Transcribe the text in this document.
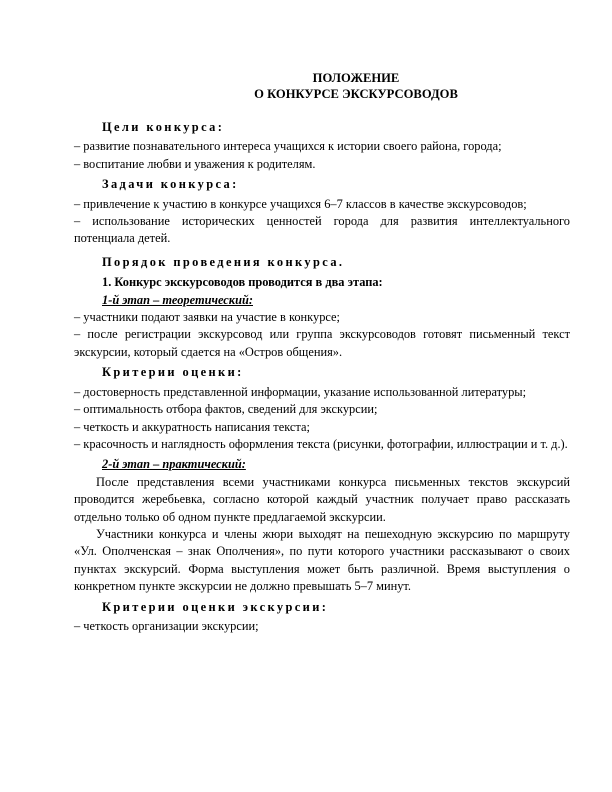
ПОЛОЖЕНИЕ
О КОНКУРСЕ ЭКСКУРСОВОДОВ
Цели конкурса:
– развитие познавательного интереса учащихся к истории своего района, города;
– воспитание любви и уважения к родителям.
Задачи конкурса:
– привлечение к участию в конкурсе учащихся 6–7 классов в качестве экскурсоводов;
– использование исторических ценностей города для развития интеллектуального потенциала детей.
Порядок проведения конкурса.
1. Конкурс экскурсоводов проводится в два этапа:
1-й этап – теоретический:
– участники подают заявки на участие в конкурсе;
– после регистрации экскурсовод или группа экскурсоводов готовят письменный текст экскурсии, который сдается на «Остров общения».
Критерии оценки:
– достоверность представленной информации, указание использованной литературы;
– оптимальность отбора фактов, сведений для экскурсии;
– четкость и аккуратность написания текста;
– красочность и наглядность оформления текста (рисунки, фотографии, иллюстрации и т. д.).
2-й этап – практический:
После представления всеми участниками конкурса письменных текстов экскурсий проводится жеребьевка, согласно которой каждый участник получает право рассказать отдельно только об одном пункте предлагаемой экскурсии.
Участники конкурса и члены жюри выходят на пешеходную экскурсию по маршруту «Ул. Ополченская – знак Ополчения», по пути которого участники рассказывают о своих пунктах экскурсий. Форма выступления может быть различной. Время выступления о конкретном пункте экскурсии не должно превышать 5–7 минут.
Критерии оценки экскурсии:
– четкость организации экскурсии;
